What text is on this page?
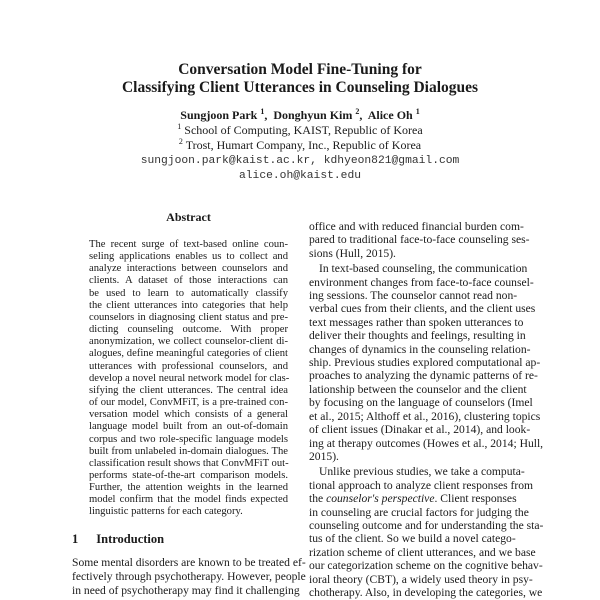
Conversation Model Fine-Tuning for
Classifying Client Utterances in Counseling Dialogues
Sungjoon Park $^1$,  Donghyun Kim $^2$,  Alice Oh $^1$
$^1$ School of Computing, KAIST, Republic of Korea
$^2$ Trost, Humart Company, Inc., Republic of Korea
sungjoon.park@kaist.ac.kr, kdhyeon821@gmail.com
alice.oh@kaist.edu
Abstract
The recent surge of text-based online coun-
seling applications enables us to collect and
analyze interactions between counselors and
clients. A dataset of those interactions can
be used to learn to automatically classify
the client utterances into categories that help
counselors in diagnosing client status and pre-
dicting counseling outcome. With proper
anonymization, we collect counselor-client di-
alogues, define meaningful categories of client
utterances with professional counselors, and
develop a novel neural network model for clas-
sifying the client utterances. The central idea
of our model, ConvMFiT, is a pre-trained con-
versation model which consists of a general
language model built from an out-of-domain
corpus and two role-specific language models
built from unlabeled in-domain dialogues. The
classification result shows that ConvMFiT out-
performs state-of-the-art comparison models.
Further, the attention weights in the learned
model confirm that the model finds expected
linguistic patterns for each category.
1 Introduction
Some mental disorders are known to be treated ef-
fectively through psychotherapy. However, people
in need of psychotherapy may find it challenging
office and with reduced financial burden com-
pared to traditional face-to-face counseling ses-
sions (Hull, 2015).
In text-based counseling, the communication
environment changes from face-to-face counsel-
ing sessions. The counselor cannot read non-
verbal cues from their clients, and the client uses
text messages rather than spoken utterances to
deliver their thoughts and feelings, resulting in
changes of dynamics in the counseling relation-
ship. Previous studies explored computational ap-
proaches to analyzing the dynamic patterns of re-
lationship between the counselor and the client
by focusing on the language of counselors (Imel
et al., 2015; Althoff et al., 2016), clustering topics
of client issues (Dinakar et al., 2014), and look-
ing at therapy outcomes (Howes et al., 2014; Hull,
2015).
Unlike previous studies, we take a computa-
tional approach to analyze client responses from
the counselor's perspective. Client responses
in counseling are crucial factors for judging the
counseling outcome and for understanding the sta-
tus of the client. So we build a novel catego-
rization scheme of client utterances, and we base
our categorization scheme on the cognitive behav-
ioral theory (CBT), a widely used theory in psy-
chotherapy. Also, in developing the categories, we
